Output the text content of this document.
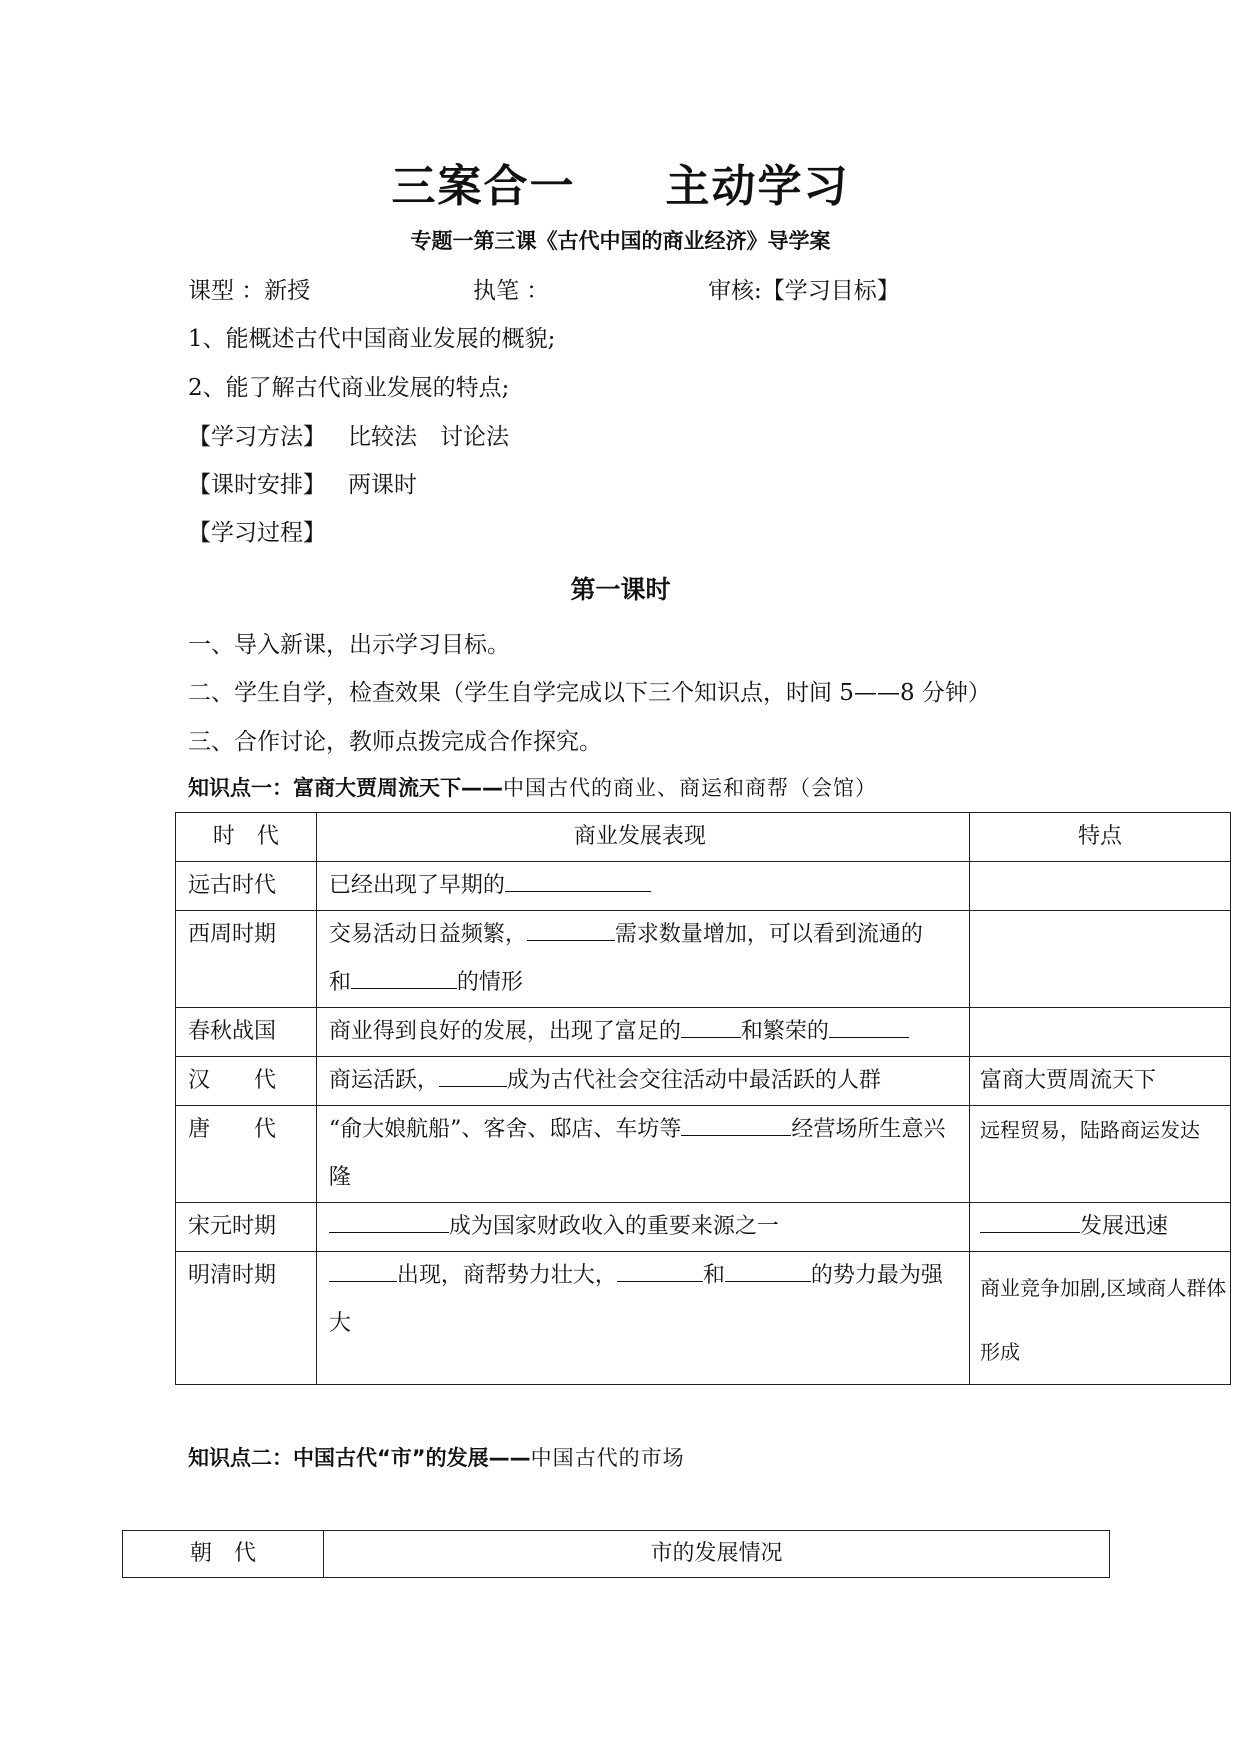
三案合一 主动学习
专题一第三课《古代中国的商业经济》导学案
课型 ：新授	执笔 ：	审核:【学习目标】
1、能概述古代中国商业发展的概貌;
2、能了解古代商业发展的特点;
【学习方法】 比较法　讨论法
【课时安排】 两课时
【学习过程】
第一课时
一、导入新课，出示学习目标。
二、学生自学，检查效果（学生自学完成以下三个知识点，时间 5——8 分钟）
三、合作讨论，教师点拨完成合作探究。
知识点一：富商大贾周流天下——中国古代的商业、商运和商帮（会馆）
时　代	商业发展表现	特点
远古时代	已经出现了早期的	
西周时期	交易活动日益频繁， 需求数量增加，可以看到流通的
和 的情形	
春秋战国	商业得到良好的发展，出现了富足的 和繁荣的	
汉　　代	商运活跃， 成为古代社会交往活动中最活跃的人群	富商大贾周流天下
唐　　代	“俞大娘航船”、客舍、邸店、车坊等 经营场所生意兴隆	远程贸易，陆路商运发达
宋元时期	成为国家财政收入的重要来源之一	发展迅速
明清时期	出现，商帮势力壮大， 和 的势力最为强大	商业竞争加剧,区域商人群体形成
知识点二：中国古代“市”的发展——中国古代的市场
朝　代	市的发展情况
